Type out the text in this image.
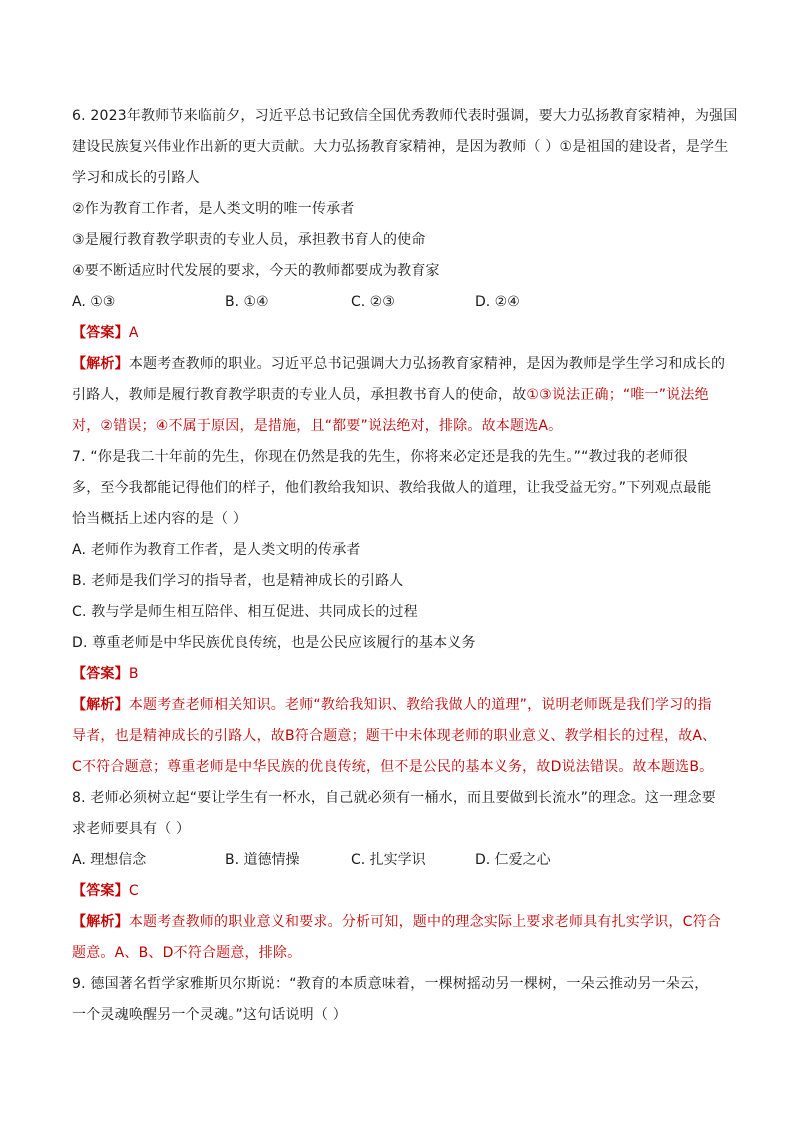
6. 2023年教师节来临前夕，习近平总书记致信全国优秀教师代表时强调，要大力弘扬教育家精神，为强国
建设民族复兴伟业作出新的更大贡献。大力弘扬教育家精神，是因为教师（ ）①是祖国的建设者，是学生
学习和成长的引路人
②作为教育工作者，是人类文明的唯一传承者
③是履行教育教学职责的专业人员，承担教书育人的使命
④要不断适应时代发展的要求，今天的教师都要成为教育家
A. ①③	B. ①④	C. ②③	D. ②④
【答案】A
【解析】本题考查教师的职业。习近平总书记强调大力弘扬教育家精神，是因为教师是学生学习和成长的
引路人，教师是履行教育教学职责的专业人员，承担教书育人的使命，故①③说法正确；“唯一”说法绝
对，②错误；④不属于原因，是措施，且“都要”说法绝对，排除。故本题选A。
7. “你是我二十年前的先生，你现在仍然是我的先生，你将来必定还是我的先生。”“教过我的老师很
多，至今我都能记得他们的样子，他们教给我知识、教给我做人的道理，让我受益无穷。”下列观点最能
恰当概括上述内容的是（ ）
A. 老师作为教育工作者，是人类文明的传承者
B. 老师是我们学习的指导者，也是精神成长的引路人
C. 教与学是师生相互陪伴、相互促进、共同成长的过程
D. 尊重老师是中华民族优良传统，也是公民应该履行的基本义务
【答案】B
【解析】本题考查老师相关知识。老师“教给我知识、教给我做人的道理”，说明老师既是我们学习的指
导者，也是精神成长的引路人，故B符合题意；题干中未体现老师的职业意义、教学相长的过程，故A、
C不符合题意；尊重老师是中华民族的优良传统，但不是公民的基本义务，故D说法错误。故本题选B。
8. 老师必须树立起“要让学生有一杯水，自己就必须有一桶水，而且要做到长流水”的理念。这一理念要
求老师要具有（ ）
A. 理想信念	B. 道德情操	C. 扎实学识	D. 仁爱之心
【答案】C
【解析】本题考查教师的职业意义和要求。分析可知，题中的理念实际上要求老师具有扎实学识，C符合
题意。A、B、D不符合题意，排除。
9. 德国著名哲学家雅斯贝尔斯说：“教育的本质意味着，一棵树摇动另一棵树，一朵云推动另一朵云，
一个灵魂唤醒另一个灵魂。”这句话说明（ ）
